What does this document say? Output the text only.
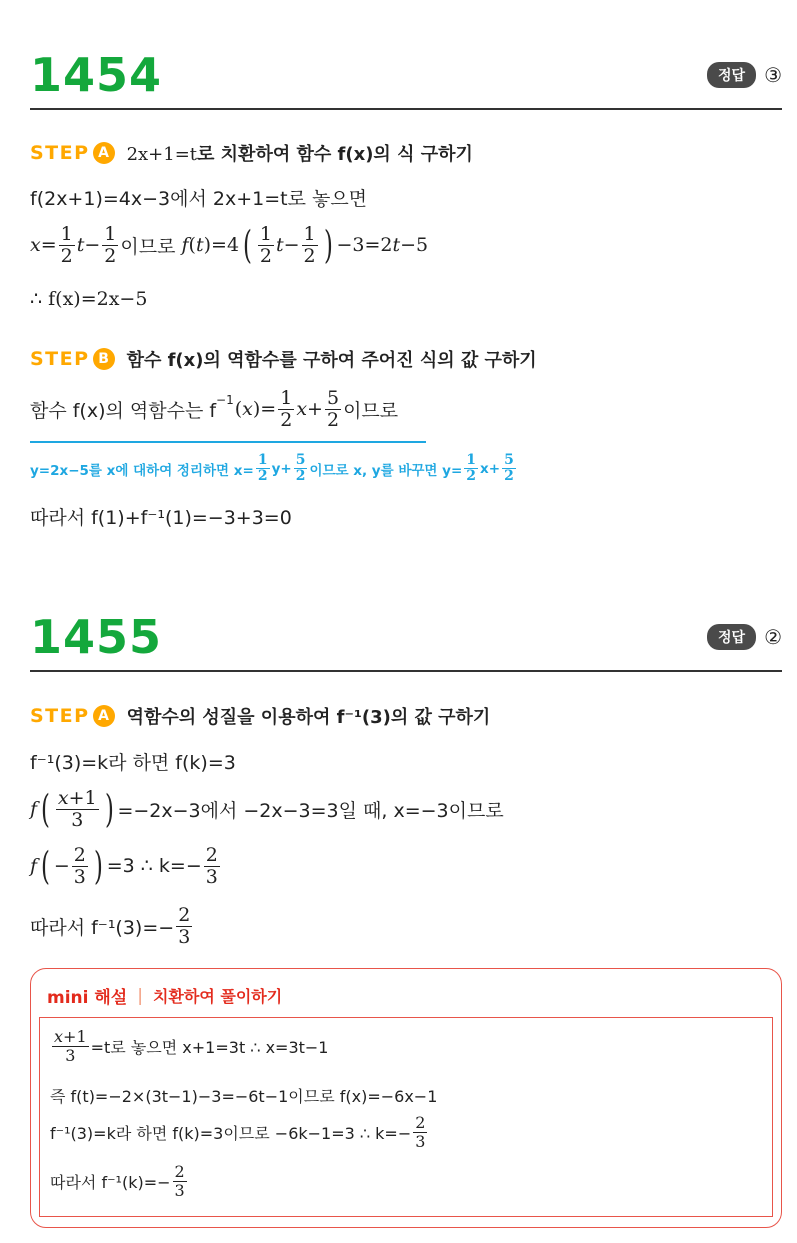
1454	정답 ③
STEP A 2x+1=t로 치환하여 함수 f(x)의 식 구하기
f(2x+1)=4x−3에서 2x+1=t로 놓으면
$x = \frac{1}{2}$ $t - \frac{1}{2}$ 이므로 f ( t )=4 ( $\frac{1}{2}$ $t - \frac{1}{2}$ ) −3=2 t −5
∴ f(x)=2x−5
STEP B 함수 f(x)의 역함수를 구하여 주어진 식의 값 구하기
함수 f(x)의 역함수는 f −1 ( x )= $\frac{1}{2}$ $x + \frac{5}{2}$ 이므로
y=2x−5를 x에 대하여 정리하면 $x= \frac{1}{2} y+ \frac{5}{2}$ 이므로 x, y를 바꾸면 $y= \frac{1}{2} x+ \frac{5}{2}$
따라서 f(1)+f⁻¹(1)=−3+3=0
1455	정답 ②
STEP A 역함수의 성질을 이용하여 f⁻¹(3)의 값 구하기
f⁻¹(3)=k라 하면 f(k)=3
f ( $\frac{x+1}{3}$ ) =−2x−3에서 −2x−3=3일 때, x=−3이므로
f ( − $\frac{2}{3}$ ) =3 ∴ $k=- \frac{2}{3}$
따라서 $f^{-1}(3)=- \frac{2}{3}$
mini 해설 | 치환하여 풀이하기
$\frac{x+1}{3} =t$로 놓으면 x+1=3t ∴ x=3t−1
즉 f(t)=−2×(3t−1)−3=−6t−1이므로 f(x)=−6x−1
f⁻¹(3)=k라 하면 f(k)=3이므로 −6k−1=3 ∴ $k=- \frac{2}{3}$
따라서 $f^{-1}(k)=- \frac{2}{3}$
